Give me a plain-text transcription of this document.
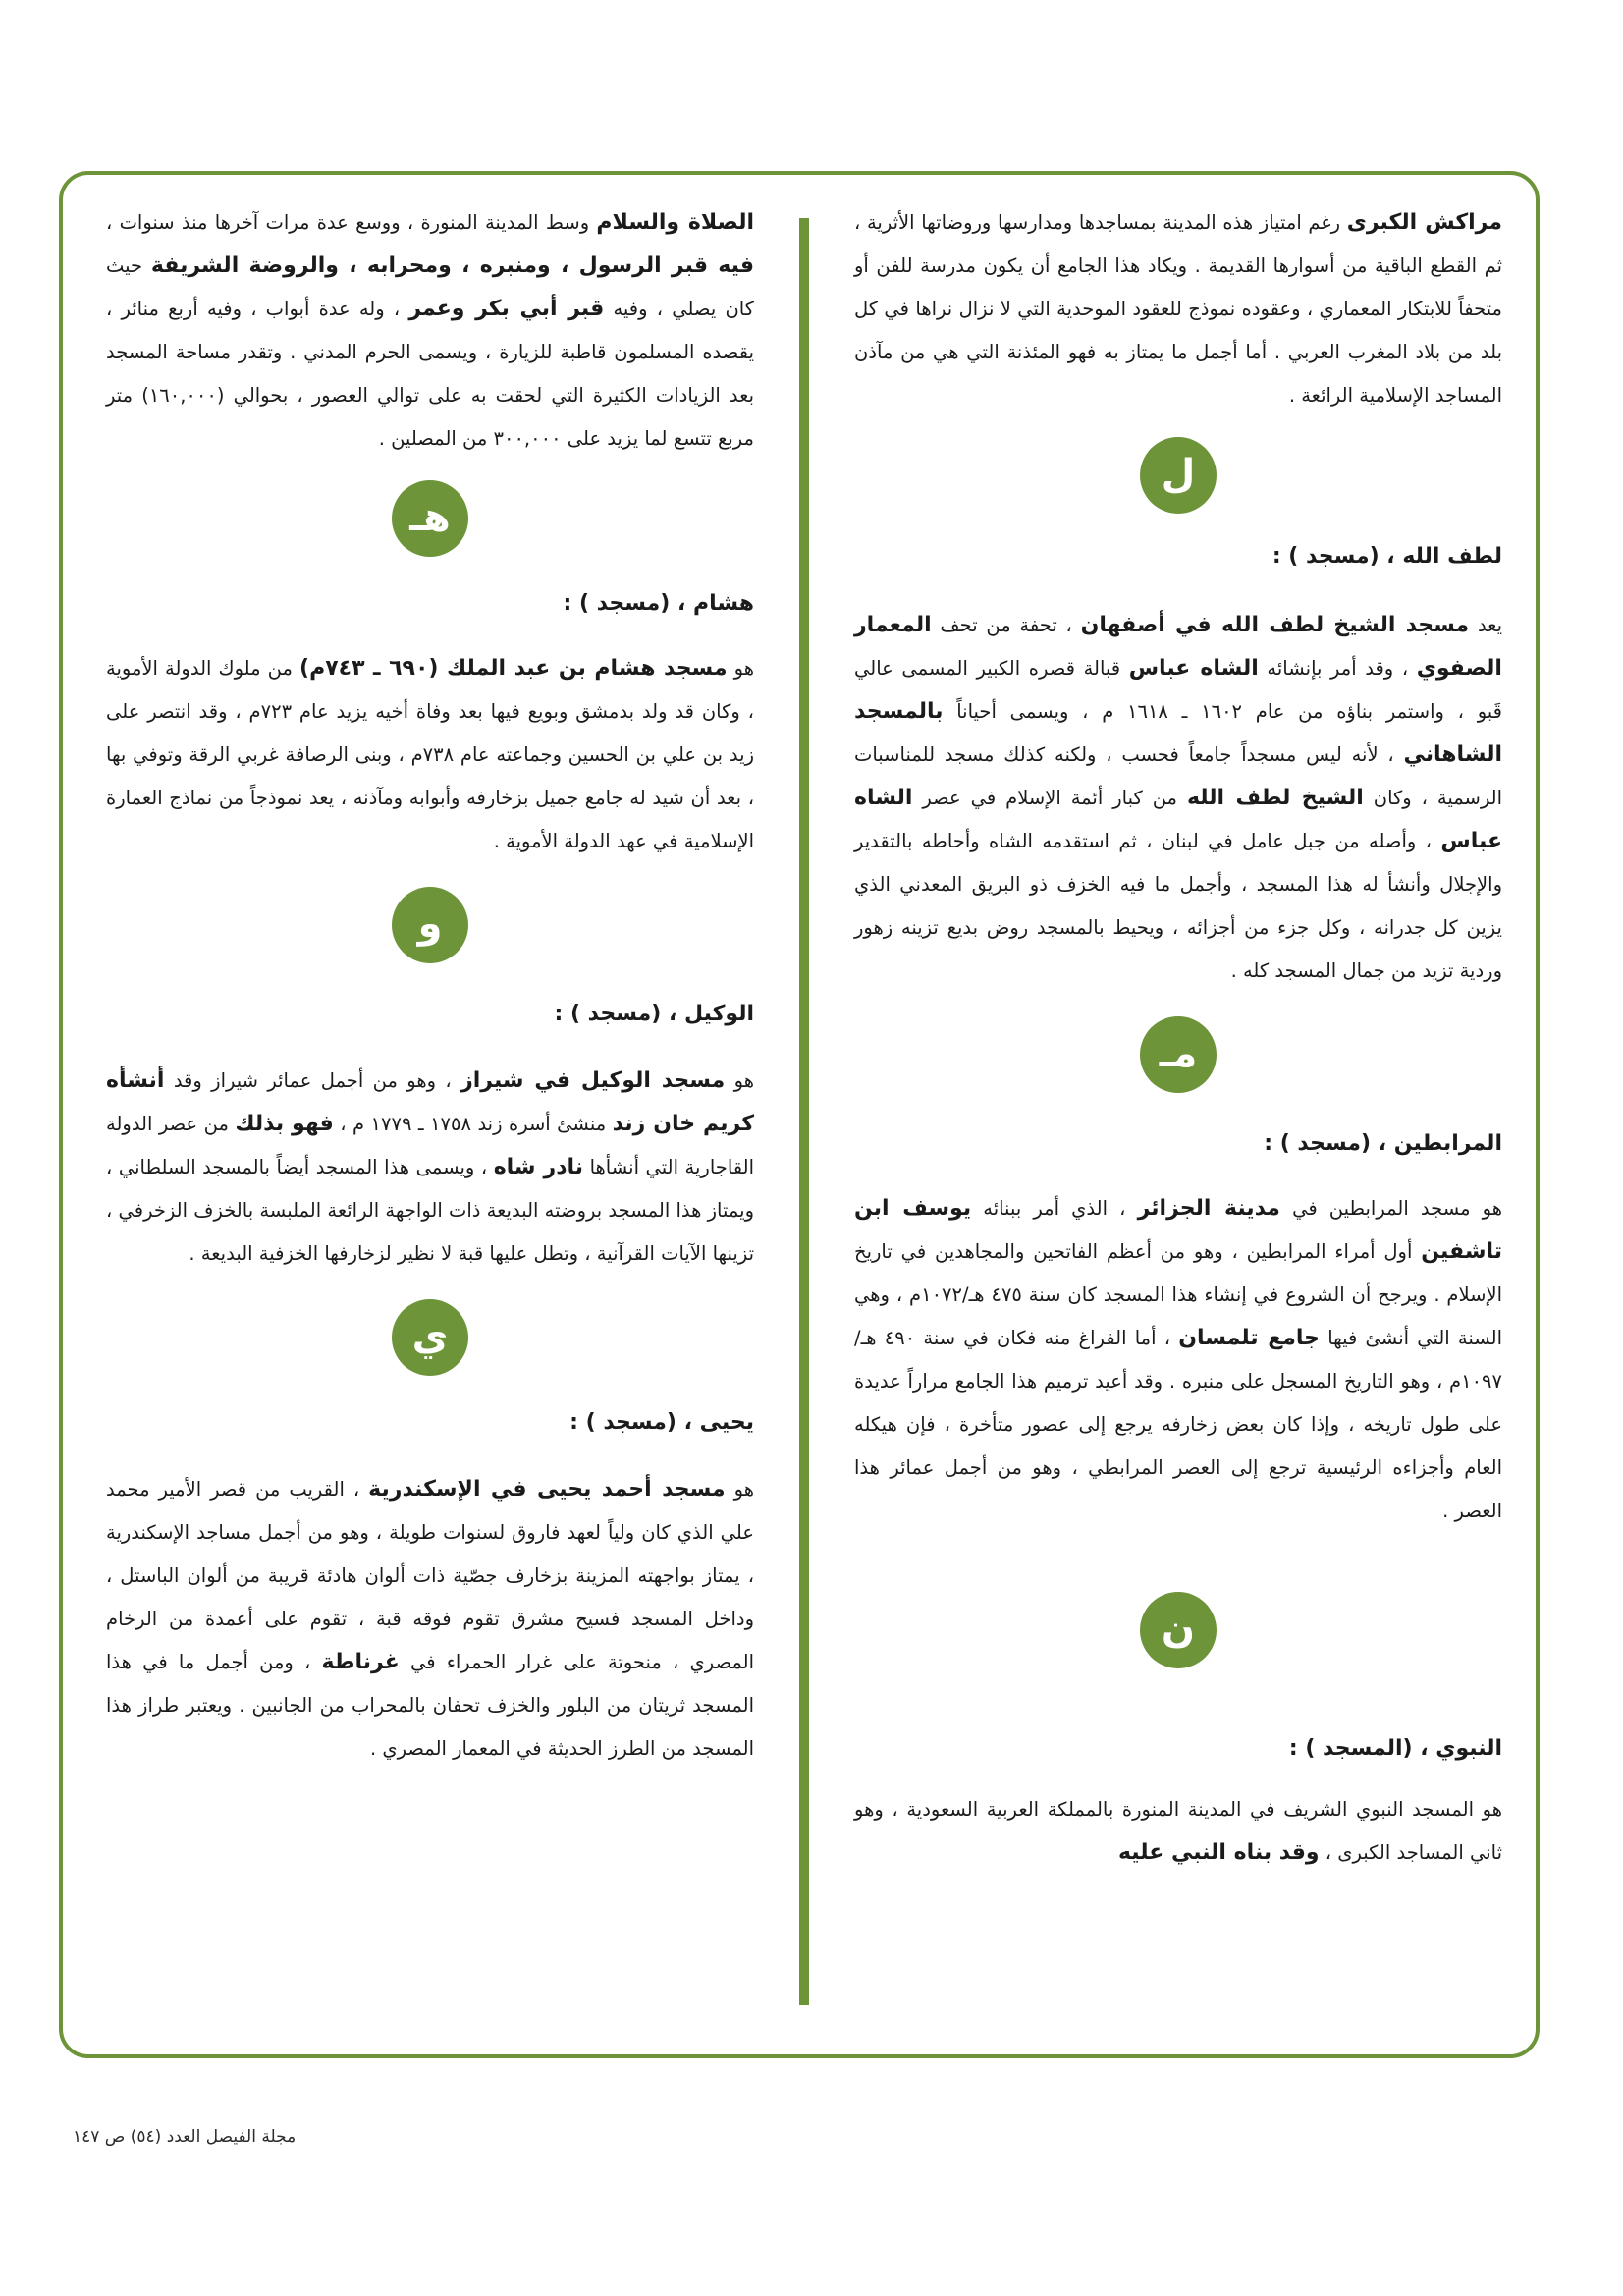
مراكش الكبرى رغم امتياز هذه المدينة بمساجدها ومدارسها وروضاتها الأثرية ، ثم القطع الباقية من أسوارها القديمة . ويكاد هذا الجامع أن يكون مدرسة للفن أو متحفاً للابتكار المعماري ، وعقوده نموذج للعقود الموحدية التي لا نزال نراها في كل بلد من بلاد المغرب العربي . أما أجمل ما يمتاز به فهو المئذنة التي هي من مآذن المساجد الإسلامية الرائعة .

ل
لطف الله ، (مسجد ) :

يعد مسجد الشيخ لطف الله في أصفهان ، تحفة من تحف المعمار الصفوي ، وقد أمر بإنشائه الشاه عباس قبالة قصره الكبير المسمى عالي قَبو ، واستمر بناؤه من عام ١٦٠٢ ـ ١٦١٨ م ، ويسمى أحياناً بالمسجد الشاهاني ، لأنه ليس مسجداً جامعاً فحسب ، ولكنه كذلك مسجد للمناسبات الرسمية ، وكان الشيخ لطف الله من كبار أئمة الإسلام في عصر الشاه عباس ، وأصله من جبل عامل في لبنان ، ثم استقدمه الشاه وأحاطه بالتقدير والإجلال وأنشأ له هذا المسجد ، وأجمل ما فيه الخزف ذو البريق المعدني الذي يزين كل جدرانه ، وكل جزء من أجزائه ، ويحيط بالمسجد روض بديع تزينه زهور وردية تزيد من جمال المسجد كله .

مـ
المرابطين ، (مسجد ) :

هو مسجد المرابطين في مدينة الجزائر ، الذي أمر ببنائه يوسف ابن تاشفين أول أمراء المرابطين ، وهو من أعظم الفاتحين والمجاهدين في تاريخ الإسلام . ويرجح أن الشروع في إنشاء هذا المسجد كان سنة ٤٧٥ هـ/١٠٧٢م ، وهي السنة التي أنشئ فيها جامع تلمسان ، أما الفراغ منه فكان في سنة ٤٩٠ هـ/١٠٩٧م ، وهو التاريخ المسجل على منبره . وقد أعيد ترميم هذا الجامع مراراً عديدة على طول تاريخه ، وإذا كان بعض زخارفه يرجع إلى عصور متأخرة ، فإن هيكله العام وأجزاءه الرئيسية ترجع إلى العصر المرابطي ، وهو من أجمل عمائر هذا العصر .

ن
النبوي ، (المسجد ) :

هو المسجد النبوي الشريف في المدينة المنورة بالمملكة العربية السعودية ، وهو ثاني المساجد الكبرى ، وقد بناه النبي عليه

الصلاة والسلام وسط المدينة المنورة ، ووسع عدة مرات آخرها منذ سنوات ، فيه قبر الرسول ، ومنبره ، ومحرابه ، والروضة الشريفة حيث كان يصلي ، وفيه قبر أبي بكر وعمر ، وله عدة أبواب ، وفيه أربع منائر ، يقصده المسلمون قاطبة للزيارة ، ويسمى الحرم المدني . وتقدر مساحة المسجد بعد الزيادات الكثيرة التي لحقت به على توالي العصور ، بحوالي (١٦٠,٠٠٠) متر مربع تتسع لما يزيد على ٣٠٠,٠٠٠ من المصلين .

هـ
هشام ، (مسجد ) :

هو مسجد هشام بن عبد الملك (٦٩٠ ـ ٧٤٣م) من ملوك الدولة الأموية ، وكان قد ولد بدمشق وبويع فيها بعد وفاة أخيه يزيد عام ٧٢٣م ، وقد انتصر على زيد بن علي بن الحسين وجماعته عام ٧٣٨م ، وبنى الرصافة غربي الرقة وتوفي بها ، بعد أن شيد له جامع جميل بزخارفه وأبوابه ومآذنه ، يعد نموذجاً من نماذج العمارة الإسلامية في عهد الدولة الأموية .

و
الوكيل ، (مسجد ) :

هو مسجد الوكيل في شيراز ، وهو من أجمل عمائر شيراز وقد أنشأه كريم خان زند منشئ أسرة زند ١٧٥٨ ـ ١٧٧٩ م ، فهو بذلك من عصر الدولة القاجارية التي أنشأها نادر شاه ، ويسمى هذا المسجد أيضاً بالمسجد السلطاني ، ويمتاز هذا المسجد بروضته البديعة ذات الواجهة الرائعة الملبسة بالخزف الزخرفي ، تزينها الآيات القرآنية ، وتطل عليها قبة لا نظير لزخارفها الخزفية البديعة .

ي
يحيى ، (مسجد ) :

هو مسجد أحمد يحيى في الإسكندرية ، القريب من قصر الأمير محمد علي الذي كان ولياً لعهد فاروق لسنوات طويلة ، وهو من أجمل مساجد الإسكندرية ، يمتاز بواجهته المزينة بزخارف جصّية ذات ألوان هادئة قريبة من ألوان الباستل ، وداخل المسجد فسيح مشرق تقوم فوقه قبة ، تقوم على أعمدة من الرخام المصري ، منحوتة على غرار الحمراء في غرناطة ، ومن أجمل ما في هذا المسجد ثريتان من البلور والخزف تحفان بالمحراب من الجانبين . ويعتبر طراز هذا المسجد من الطرز الحديثة في المعمار المصري .

مجلة الفيصل العدد (٥٤) ص ١٤٧
